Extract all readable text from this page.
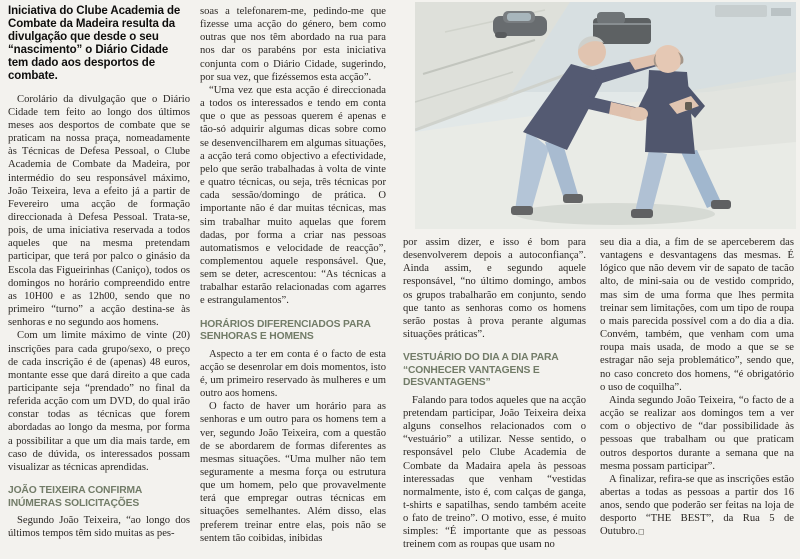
Iniciativa do Clube Academia de Combate da Madeira resulta da divulgação que desde o seu “nascimento” o Diário Cidade tem dado aos desportos de combate.

Corolário da divulgação que o Diário Cidade tem feito ao longo dos últimos meses aos desportos de combate que se praticam na nossa praça, nomeadamente às Técnicas de Defesa Pessoal, o Clube Academia de Combate da Madeira, por intermédio do seu responsável máximo, João Teixeira, leva a efeito já a partir de Fevereiro uma acção de formação direccionada à Defesa Pessoal. Trata-se, pois, de uma iniciativa reservada a todos aqueles que na mesma pretendam participar, que terá por palco o ginásio da Escola das Figueirinhas (Caniço), todos os domingos no horário compreendido entre as 10H00 e as 12h00, sendo que no primeiro “turno” a acção destina-se às senhoras e no segundo aos homens.

Com um limite máximo de vinte (20) inscrições para cada grupo/sexo, o preço de cada inscrição é de (apenas) 48 euros, montante esse que dará direito a que cada participante seja “prendado” no final da referida acção com um DVD, do qual irão constar todas as técnicas que forem abordadas ao longo da mesma, por forma a possibilitar a que um dia mais tarde, em caso de dúvida, os interessados possam visualizar as técnicas aprendidas.

JOÃO TEIXEIRA CONFIRMA INÚMERAS SOLICITAÇÕES

Segundo João Teixeira, “ao longo dos últimos tempos têm sido muitas as pes-

soas a telefonarem-me, pedindo-me que fizesse uma acção do género, bem como outras que nos têm abordado na rua para nos dar os parabéns por esta iniciativa conjunta com o Diário Cidade, sugerindo, por sua vez, que fizéssemos esta acção”.

“Uma vez que esta acção é direccionada a todos os interessados e tendo em conta que o que as pessoas querem é apenas e tão-só adquirir algumas dicas sobre como se desenvencilharem em algumas situações, a acção terá como objectivo a efectividade, pelo que serão trabalhadas à volta de vinte e quatro técnicas, ou seja, três técnicas por cada sessão/domingo de prática. O importante não é dar muitas técnicas, mas sim trabalhar muito aquelas que forem dadas, por forma a criar nas pessoas automatismos e velocidade de reacção”, complementou aquele responsável. Que, sem se deter, acrescentou: “As técnicas a trabalhar estarão relacionadas com agarres e estrangulamentos”.

HORÁRIOS DIFERENCIADOS PARA SENHORAS E HOMENS

Aspecto a ter em conta é o facto de esta acção se desenrolar em dois momentos, isto é, um primeiro reservado às mulheres e um outro aos homens.

O facto de haver um horário para as senhoras e um outro para os homens tem a ver, segundo João Teixeira, com a questão de se abordarem de formas diferentes as mesmas situações. “Uma mulher não tem seguramente a mesma força ou estrutura que um homem, pelo que provavelmente terá que empregar outras técnicas em situações semelhantes. Além disso, elas preferem treinar entre elas, pois não se sentem tão coibidas, inibidas

por assim dizer, e isso é bom para desenvolverem depois a autoconfiança”. Ainda assim, e segundo aquele responsável, “no último domingo, ambos os grupos trabalharão em conjunto, sendo que tanto as senhoras como os homens serão postas à prova perante algumas situações práticas”.

VESTUÁRIO DO DIA A DIA PARA “CONHECER VANTAGENS E DESVANTAGENS”

Falando para todos aqueles que na acção pretendam participar, João Teixeira deixa alguns conselhos relacionados com o “vestuário” a utilizar. Nesse sentido, o responsável pelo Clube Academia de Combate da Madaira apela às pessoas interessadas que venham “vestidas normalmente, isto é, com calças de ganga, t-shirts e sapatilhas, sendo também aceite o fato de treino”. O motivo, esse, é muito simples: “É importante que as pessoas treinem com as roupas que usam no

seu dia a dia, a fim de se aperceberem das vantagens e desvantagens das mesmas. É lógico que não devem vir de sapato de tacão alto, de mini-saia ou de vestido comprido, mas sim de uma forma que lhes permita treinar sem limitações, com um tipo de roupa o mais parecida possível com a do dia a dia. Convém, também, que venham com uma roupa mais usada, de modo a que se se estragar não seja problemático”, sendo que, no caso concreto dos homens, “é obrigatório o uso de coquilha”.

Ainda segundo João Teixeira, “o facto de a acção se realizar aos domingos tem a ver com o objectivo de “dar possibilidade às pessoas que trabalham ou que praticam outros desportos durante a semana que na mesma possam participar”.

A finalizar, refira-se que as inscrições estão abertas a todas as pessoas a partir dos 16 anos, sendo que poderão ser feitas na loja de desporto “THE BEST”, da Rua 5 de Outubro.◻
